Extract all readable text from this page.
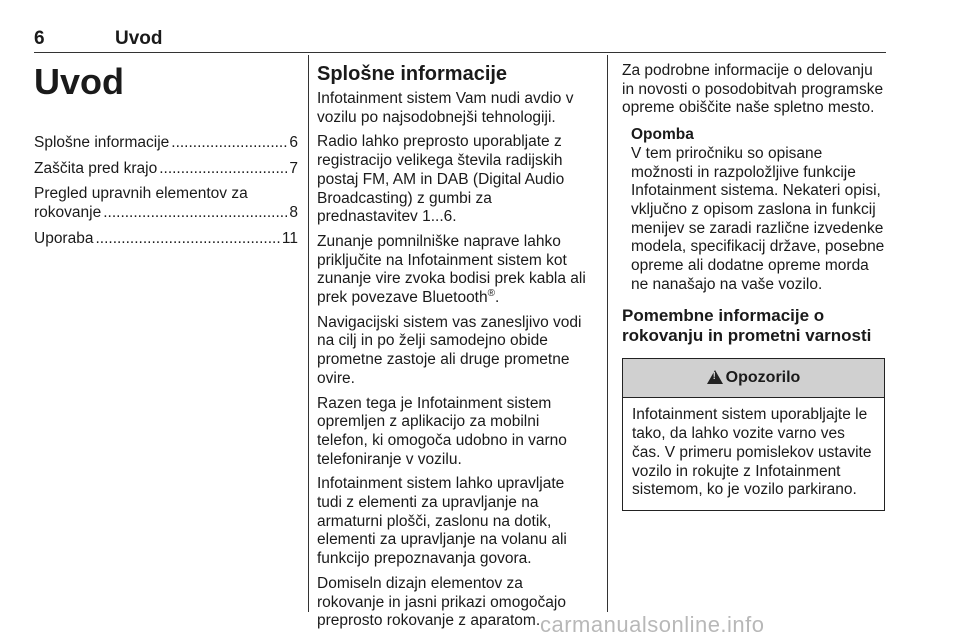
6	Uvod
Uvod
Splošne informacije .....	6
Zaščita pred krajo .....	7
Pregled upravnih elementov za
rokovanje .....	8
Uporaba .....	11
Splošne informacije
Infotainment sistem Vam nudi avdio v vozilu po najsodobnejši tehnologiji.
Radio lahko preprosto uporabljate z registracijo velikega števila radijskih postaj FM, AM in DAB (Digital Audio Broadcasting) z gumbi za prednastavitev 1...6.
Zunanje pomnilniške naprave lahko priključite na Infotainment sistem kot zunanje vire zvoka bodisi prek kabla ali prek povezave Bluetooth®.
Navigacijski sistem vas zanesljivo vodi na cilj in po želji samodejno obide prometne zastoje ali druge prometne ovire.
Razen tega je Infotainment sistem opremljen z aplikacijo za mobilni telefon, ki omogoča udobno in varno telefoniranje v vozilu.
Infotainment sistem lahko upravljate tudi z elementi za upravljanje na armaturni plošči, zaslonu na dotik, elementi za upravljanje na volanu ali funkcijo prepoznavanja govora.
Domiseln dizajn elementov za rokovanje in jasni prikazi omogočajo preprosto rokovanje z aparatom.
Za podrobne informacije o delovanju in novosti o posodobitvah programske opreme obiščite naše spletno mesto.
Opomba
V tem priročniku so opisane možnosti in razpoložljive funkcije Infotainment sistema. Nekateri opisi, vključno z opisom zaslona in funkcij menijev se zaradi različne izvedenke modela, specifikacij države, posebne opreme ali dodatne opreme morda ne nanašajo na vaše vozilo.
Pomembne informacije o rokovanju in prometni varnosti
!
Opozorilo
Infotainment sistem uporabljajte le tako, da lahko vozite varno ves čas. V primeru pomislekov ustavite vozilo in rokujte z Infotainment sistemom, ko je vozilo parkirano.
carmanualsonline.info
